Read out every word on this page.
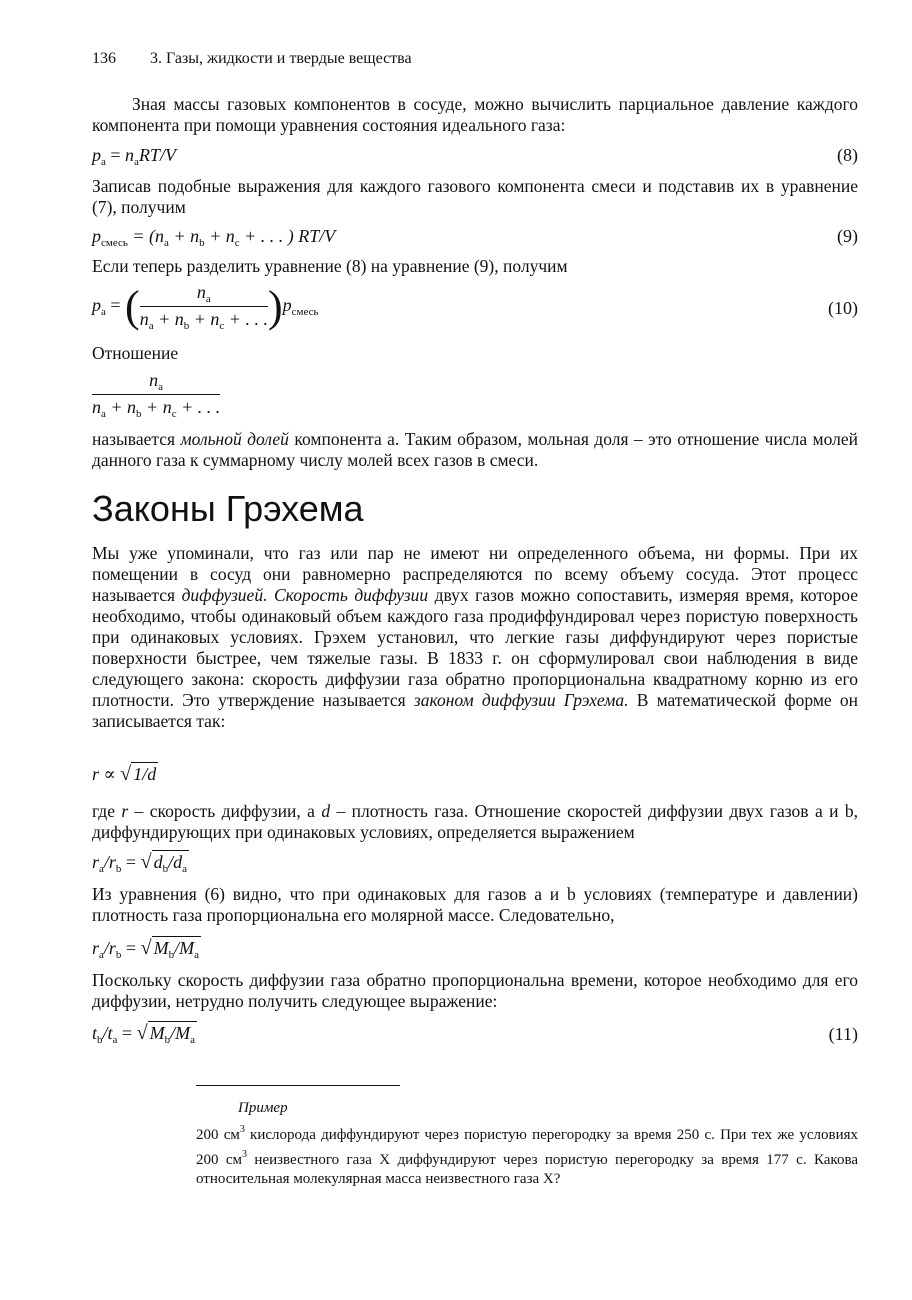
136 3. Газы, жидкости и твердые вещества
Зная массы газовых компонентов в сосуде, можно вычислить парциальное давление каждого компонента при помощи уравнения состояния идеального газа:
$p_a = n_aRT/V$	(8)
Записав подобные выражения для каждого газового компонента смеси и подставив их в уравнение (7), получим
$p_{смесь} = (n_a + n_b + n_c$ + . . . ) RT/V	(9)
Если теперь разделить уравнение (8) на уравнение (9), получим
$p_a$ = ( $\frac{n_a}{n_a + n_b + n_c + . . .} )p_{смесь}$	(10)
Отношение
$\frac{n_a}{n_a + n_b + n_c + . . .}$
называется мольной долей компонента a. Таким образом, мольная доля – это отношение числа молей данного газа к суммарному числу молей всех газов в смеси.
Законы Грэхема
Мы уже упоминали, что газ или пар не имеют ни определенного объема, ни формы. При их помещении в сосуд они равномерно распределяются по всему объему сосуда. Этот процесс называется диффузией. Скорость диффузии двух газов можно сопоставить, измеряя время, которое необходимо, чтобы одинаковый объем каждого газа продиффундировал через пористую поверхность при одинаковых условиях. Грэхем установил, что легкие газы диффундируют через пористые поверхности быстрее, чем тяжелые газы. В 1833 г. он сформулировал свои наблюдения в виде следующего закона: скорость диффузии газа обратно пропорциональна квадратному корню из его плотности. Это утверждение называется законом диффузии Грэхема. В математической форме он записывается так:
r ∝ √ 1/d
где r – скорость диффузии, а d – плотность газа. Отношение скоростей диффузии двух газов a и b, диффундирующих при одинаковых условиях, определяется выражением
$r_a/r_b$ = √ $d_b/d_a$
Из уравнения (6) видно, что при одинаковых для газов a и b условиях (температуре и давлении) плотность газа пропорциональна его молярной массе. Следовательно,
$r_a/r_b$ = √ $M_b/M_a$
Поскольку скорость диффузии газа обратно пропорциональна времени, которое необходимо для его диффузии, нетрудно получить следующее выражение:
$t_b/t_a$ = √ $M_b/M_a$	(11)
Пример
200 $см^3$ кислорода диффундируют через пористую перегородку за время 250 с. При тех же условиях 200 $см^3$ неизвестного газа X диффундируют через пористую перегородку за время 177 с. Какова относительная молекулярная масса неизвестного газа X?
